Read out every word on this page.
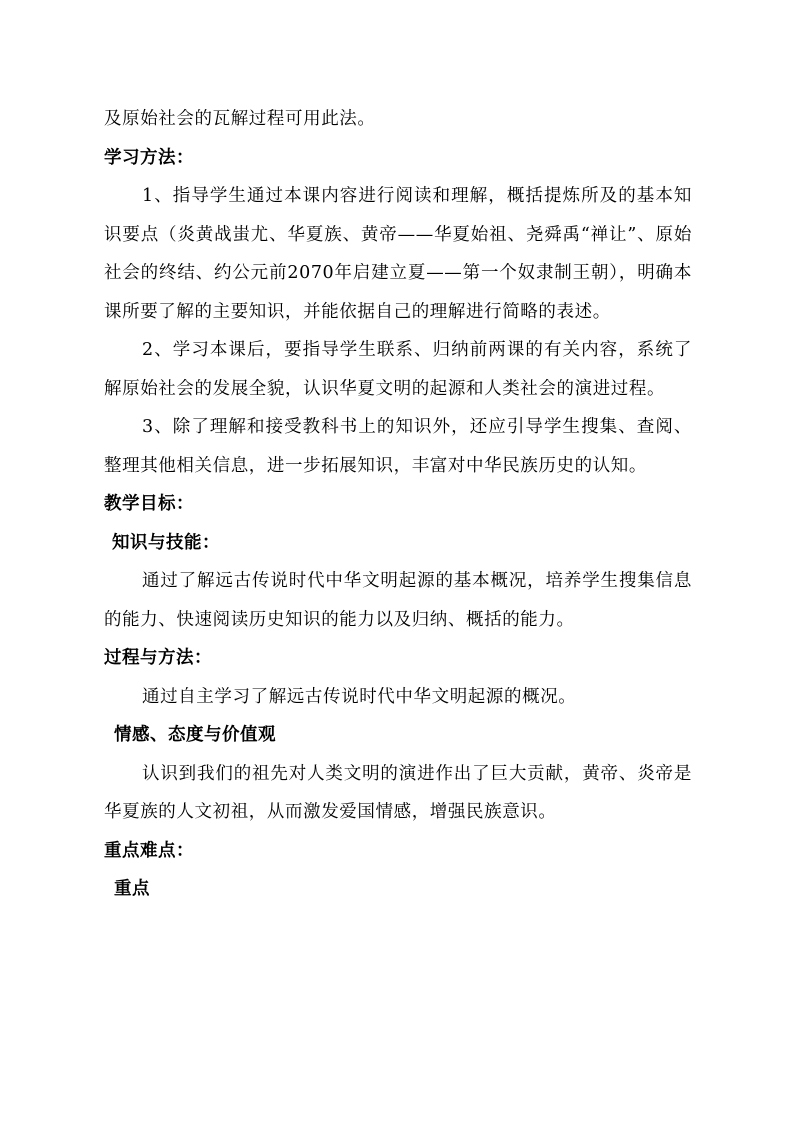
及原始社会的瓦解过程可用此法。

学习方法：

1、指导学生通过本课内容进行阅读和理解，概括提炼所及的基本知识要点（炎黄战蚩尤、华夏族、黄帝——华夏始祖、尧舜禹“禅让”、原始社会的终结、约公元前2070年启建立夏——第一个奴隶制王朝），明确本课所要了解的主要知识，并能依据自己的理解进行简略的表述。

2、学习本课后，要指导学生联系、归纳前两课的有关内容，系统了解原始社会的发展全貌，认识华夏文明的起源和人类社会的演进过程。

3、除了理解和接受教科书上的知识外，还应引导学生搜集、查阅、整理其他相关信息，进一步拓展知识，丰富对中华民族历史的认知。

教学目标：

知识与技能：

通过了解远古传说时代中华文明起源的基本概况，培养学生搜集信息的能力、快速阅读历史知识的能力以及归纳、概括的能力。

过程与方法：

通过自主学习了解远古传说时代中华文明起源的概况。

情感、态度与价值观

认识到我们的祖先对人类文明的演进作出了巨大贡献，黄帝、炎帝是华夏族的人文初祖，从而激发爱国情感，增强民族意识。

重点难点：

重点
